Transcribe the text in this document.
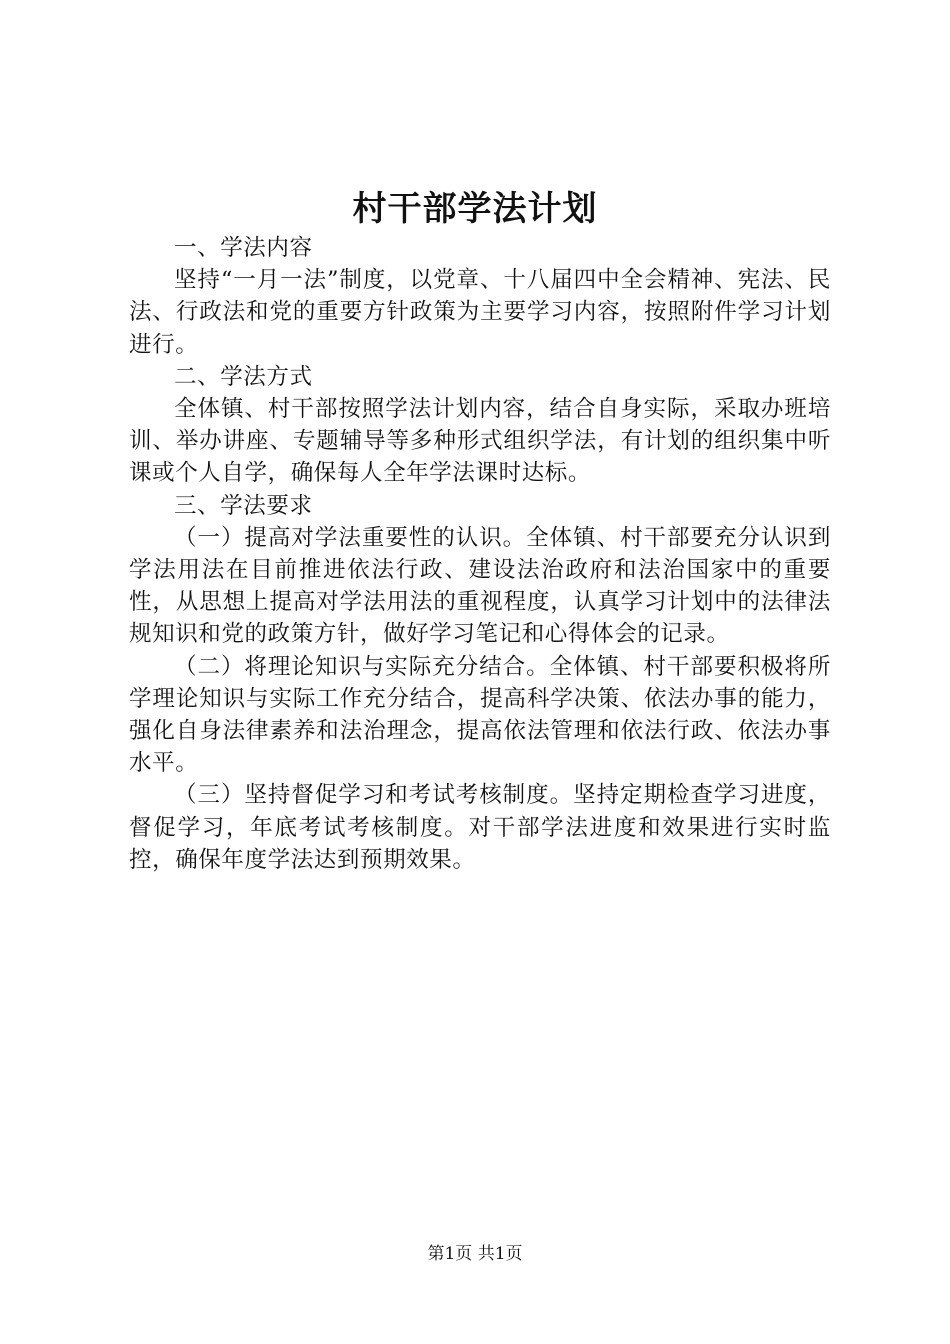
村干部学法计划

一、学法内容

坚持“一月一法”制度，以党章、十八届四中全会精神、宪法、民法、行政法和党的重要方针政策为主要学习内容，按照附件学习计划进行。

二、学法方式

全体镇、村干部按照学法计划内容，结合自身实际，采取办班培训、举办讲座、专题辅导等多种形式组织学法，有计划的组织集中听课或个人自学，确保每人全年学法课时达标。

三、学法要求

（一）提高对学法重要性的认识。全体镇、村干部要充分认识到学法用法在目前推进依法行政、建设法治政府和法治国家中的重要性，从思想上提高对学法用法的重视程度，认真学习计划中的法律法规知识和党的政策方针，做好学习笔记和心得体会的记录。

（二）将理论知识与实际充分结合。全体镇、村干部要积极将所学理论知识与实际工作充分结合，提高科学决策、依法办事的能力，强化自身法律素养和法治理念，提高依法管理和依法行政、依法办事水平。

（三）坚持督促学习和考试考核制度。坚持定期检查学习进度，督促学习，年底考试考核制度。对干部学法进度和效果进行实时监控，确保年度学法达到预期效果。

第1页 共1页
